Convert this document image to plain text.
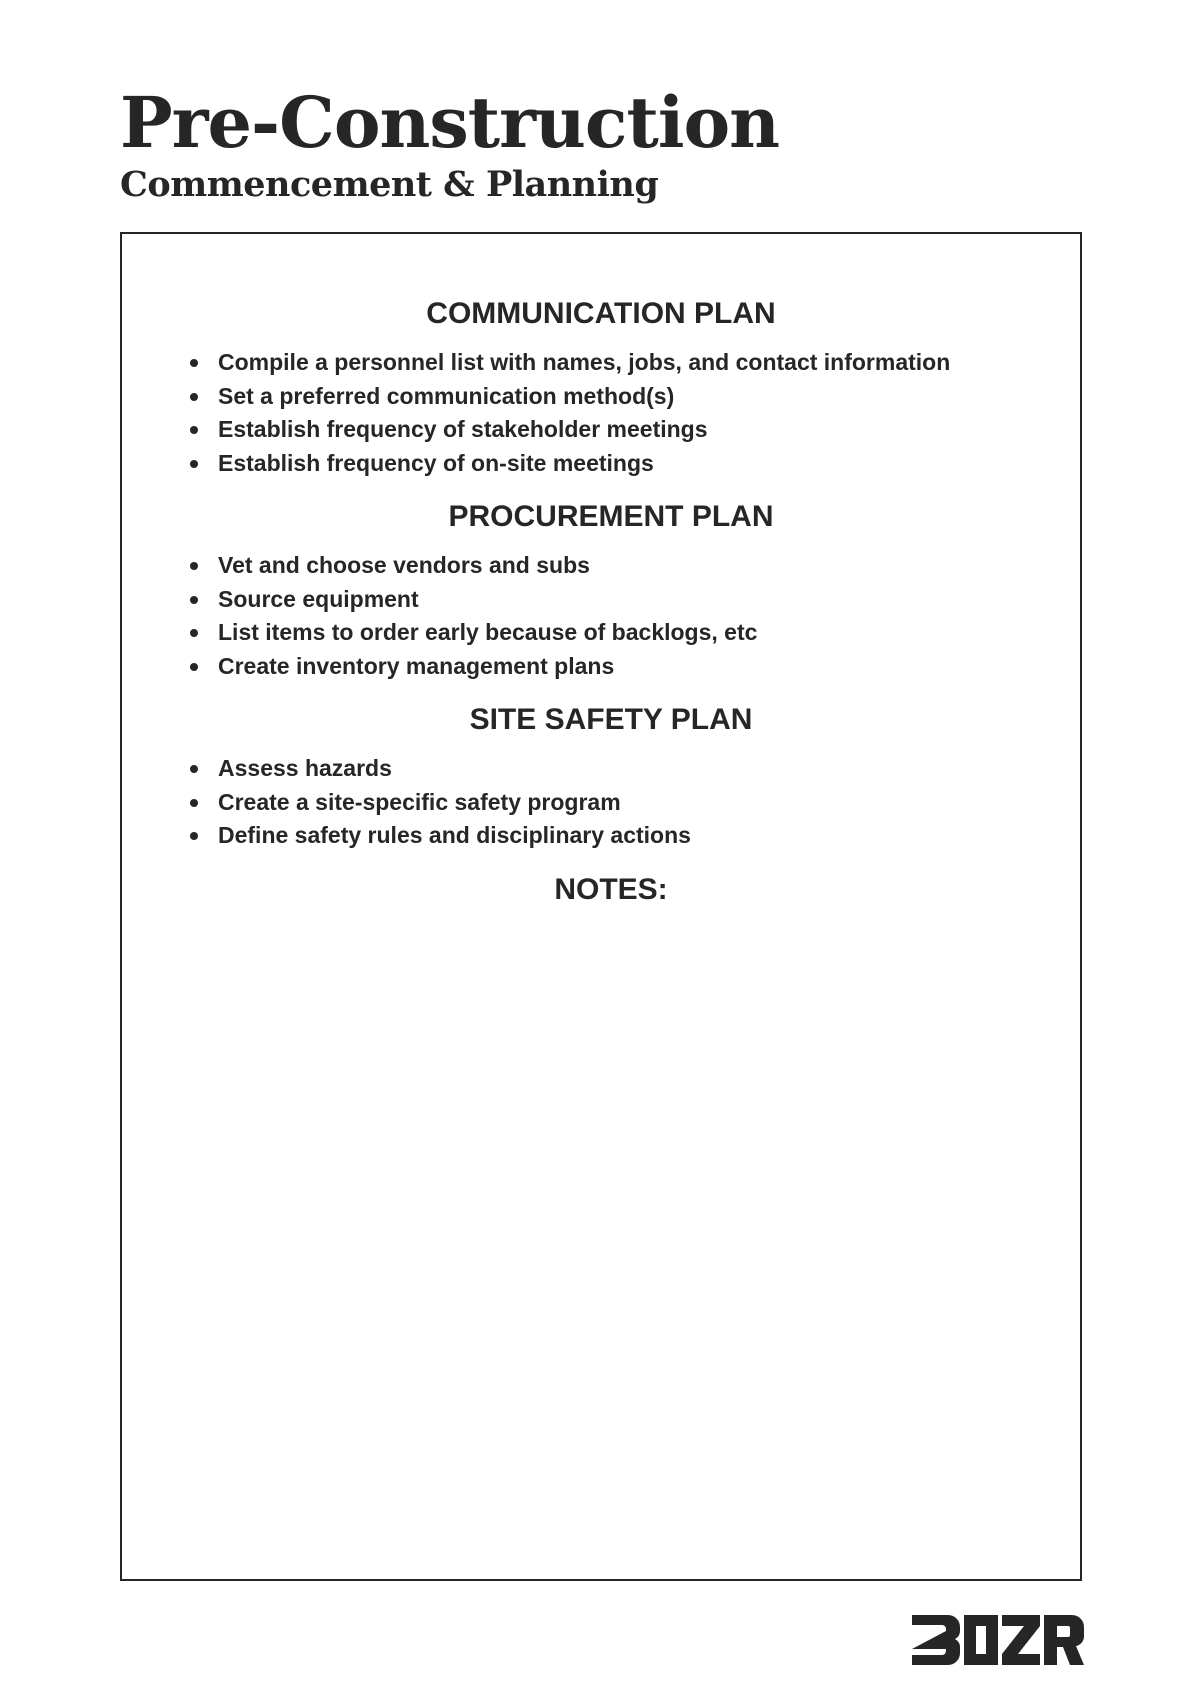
Pre-Construction
Commencement & Planning
COMMUNICATION PLAN
Compile a personnel list with names, jobs, and contact information
Set a preferred communication method(s)
Establish frequency of stakeholder meetings
Establish frequency of on-site meetings
PROCUREMENT PLAN
Vet and choose vendors and subs
Source equipment
List items to order early because of backlogs, etc
Create inventory management plans
SITE SAFETY PLAN
Assess hazards
Create a site-specific safety program
Define safety rules and disciplinary actions
NOTES:
